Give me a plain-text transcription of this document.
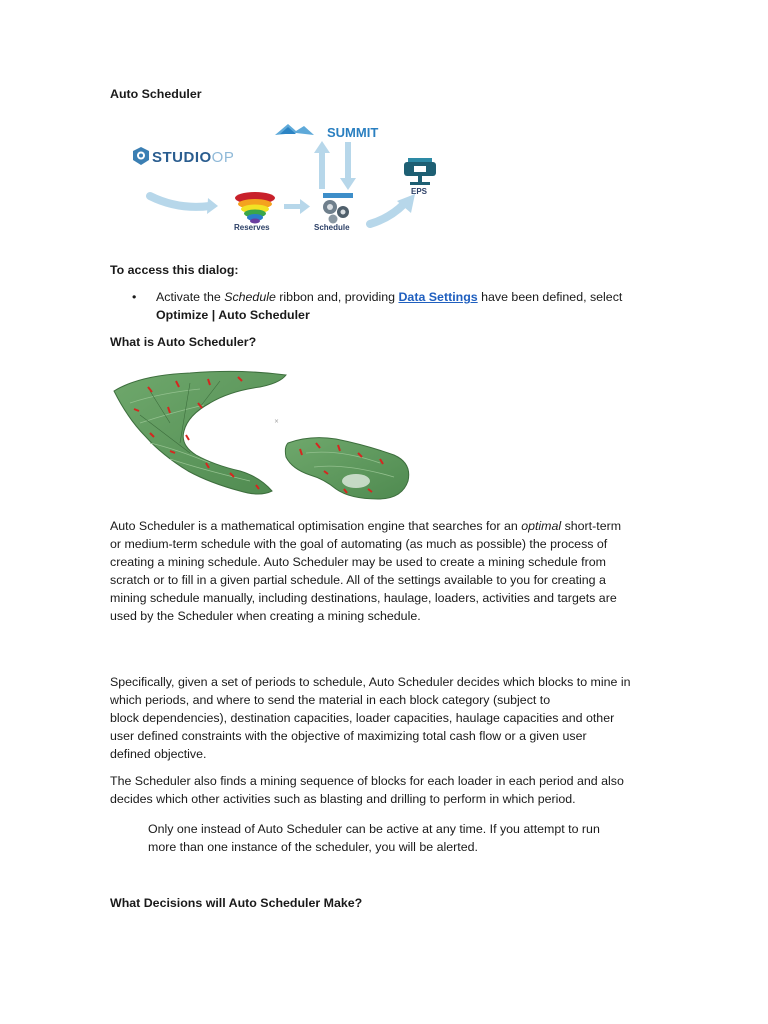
Auto Scheduler
STUDIOOP
SUMMIT
Reserves	Schedule
EPS
To access this dialog:
• Activate the Schedule ribbon and, providing Data Settings have been defined, select
Optimize | Auto Scheduler
What is Auto Scheduler?
×
Auto Scheduler is a mathematical optimisation engine that searches for an optimal short-term
or medium-term schedule with the goal of automating (as much as possible) the process of
creating a mining schedule. Auto Scheduler may be used to create a mining schedule from
scratch or to fill in a given partial schedule. All of the settings available to you for creating a
mining schedule manually, including destinations, haulage, loaders, activities and targets are
used by the Scheduler when creating a mining schedule.
Specifically, given a set of periods to schedule, Auto Scheduler decides which blocks to mine in
which periods, and where to send the material in each block category (subject to
block dependencies), destination capacities, loader capacities, haulage capacities and other
user defined constraints with the objective of maximizing total cash flow or a given user
defined objective.
The Scheduler also finds a mining sequence of blocks for each loader in each period and also
decides which other activities such as blasting and drilling to perform in which period.
Only one instead of Auto Scheduler can be active at any time. If you attempt to run
more than one instance of the scheduler, you will be alerted.
What Decisions will Auto Scheduler Make?
